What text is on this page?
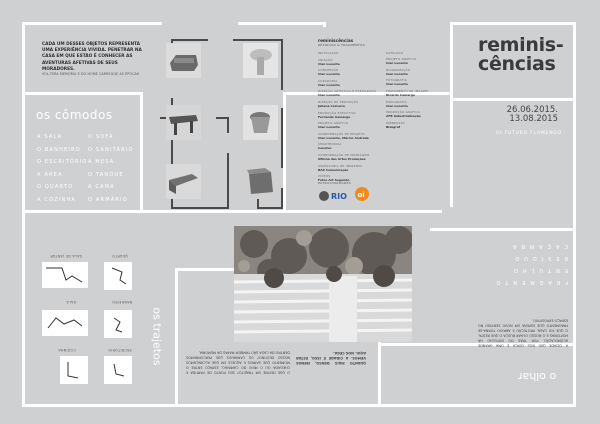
CADA UM DESSES OBJETOS REPRESENTA UMA EXPERIÊNCIA VIVIDA. PENETRAR NA CASA EM QUE ESTÃO É CONHECER AS AVENTURAS AFETIVAS DE SEUS MORADORES.
VOL-TERA MEMÓRIA E DO HOME CARREGQE AS ÉPOCAS
os cômodos
A SALA
O BANHEIRO
O ESCRITÓRIO
A ÁREA
O QUARTO
A COZINHA
O SOFÁ
O SANITÁRIO
A MESA
O TANQUE
A CAMA
O ARMÁRIO
reminiscências
RESÍDUOS & FRAGMENTOS
INSTALAÇÃO
CRIAÇÃO
Clan Lucente
CONCEPÇÃO
Clan Lucente
CURADORIA
Clan Lucente
DIREÇÃO ARTÍSTICA E EXPOGRAFIA
Clan Lucente
DIREÇÃO DE PRODUÇÃO
Juliana Carneiro
PRODUÇÃO EXECUTIVA
Fernando Gamargo
PROJETO GRÁFICO
Clan Lucente
COORDENAÇÃO DE PROJETO
Clan Lucente, Márcio Andrade
CENOTÉCNICA
Cenotec
COORDENAÇÃO DE MONTAGEM
Oficina das Artes Produções
ASSESSORIA DE IMPRENSA
BAP Comunicação
VÍDEOS
Fotos Art Segundo
CATÁLOGO
PROJETO GRÁFICO
Clan Lucente
DIAGRAMAÇÃO
Clan Lucente
FOTOGRAFIA
Clan Lucente
TRATAMENTO DE IMAGEM
Ricardo Camargo
EXPOGRAFIA
Clan Lucente
PRODUÇÃO GRÁFICA
AFB Industrialização
IMPRESSÃO
Bizagraf
PATROCINADORES
RIO oi
reminis-
cências
26.06.2015.
13.08.2015
OI FUTURO FLAMENGO
FRAGMENTO
ENTULHO
RESÍDUO
CAÇAMBA
A CIDADE QUE NOS CERCA É UMA GRANDE ACUMULAÇÃO. POR TRÁS DO ENTULHO HÁ HISTÓRIAS E O NOSSO OLHAR BUSCA O QUE RESTA. O QUE FOI CASA, PROTEÇÃO E ABRIGO TORNA-SE FRAGMENTO QUE ESPERA UM NOVO SENTIDO NO ESPAÇO EXPOSITIVO.
o olhar
os trajetos	QUANTO MAIS DENSO, MENOS VEMOS. A CIDADE É ISSO, ESTAR AQUI. NOS CEGA.
O QUE DEFINE UM TRAJETO? SEU PONTO DE PARTIDA E CHEGADA OU O MEIO DO CAMINHO, ESPAÇO ENTRE O MOMENTO QUE SAÍMOS E AQUELE EM QUE ALCANÇAMOS NOSSO DESTINO? OS CAMINHOS QUE PERCORREMOS DENTRO DA CASA SÃO TAMBÉM MAPAS DA MEMÓRIA.
SALA DE JANTAR	QUARTO
SALA	BANHEIRO
COZINHA	ESCRITÓRIO
